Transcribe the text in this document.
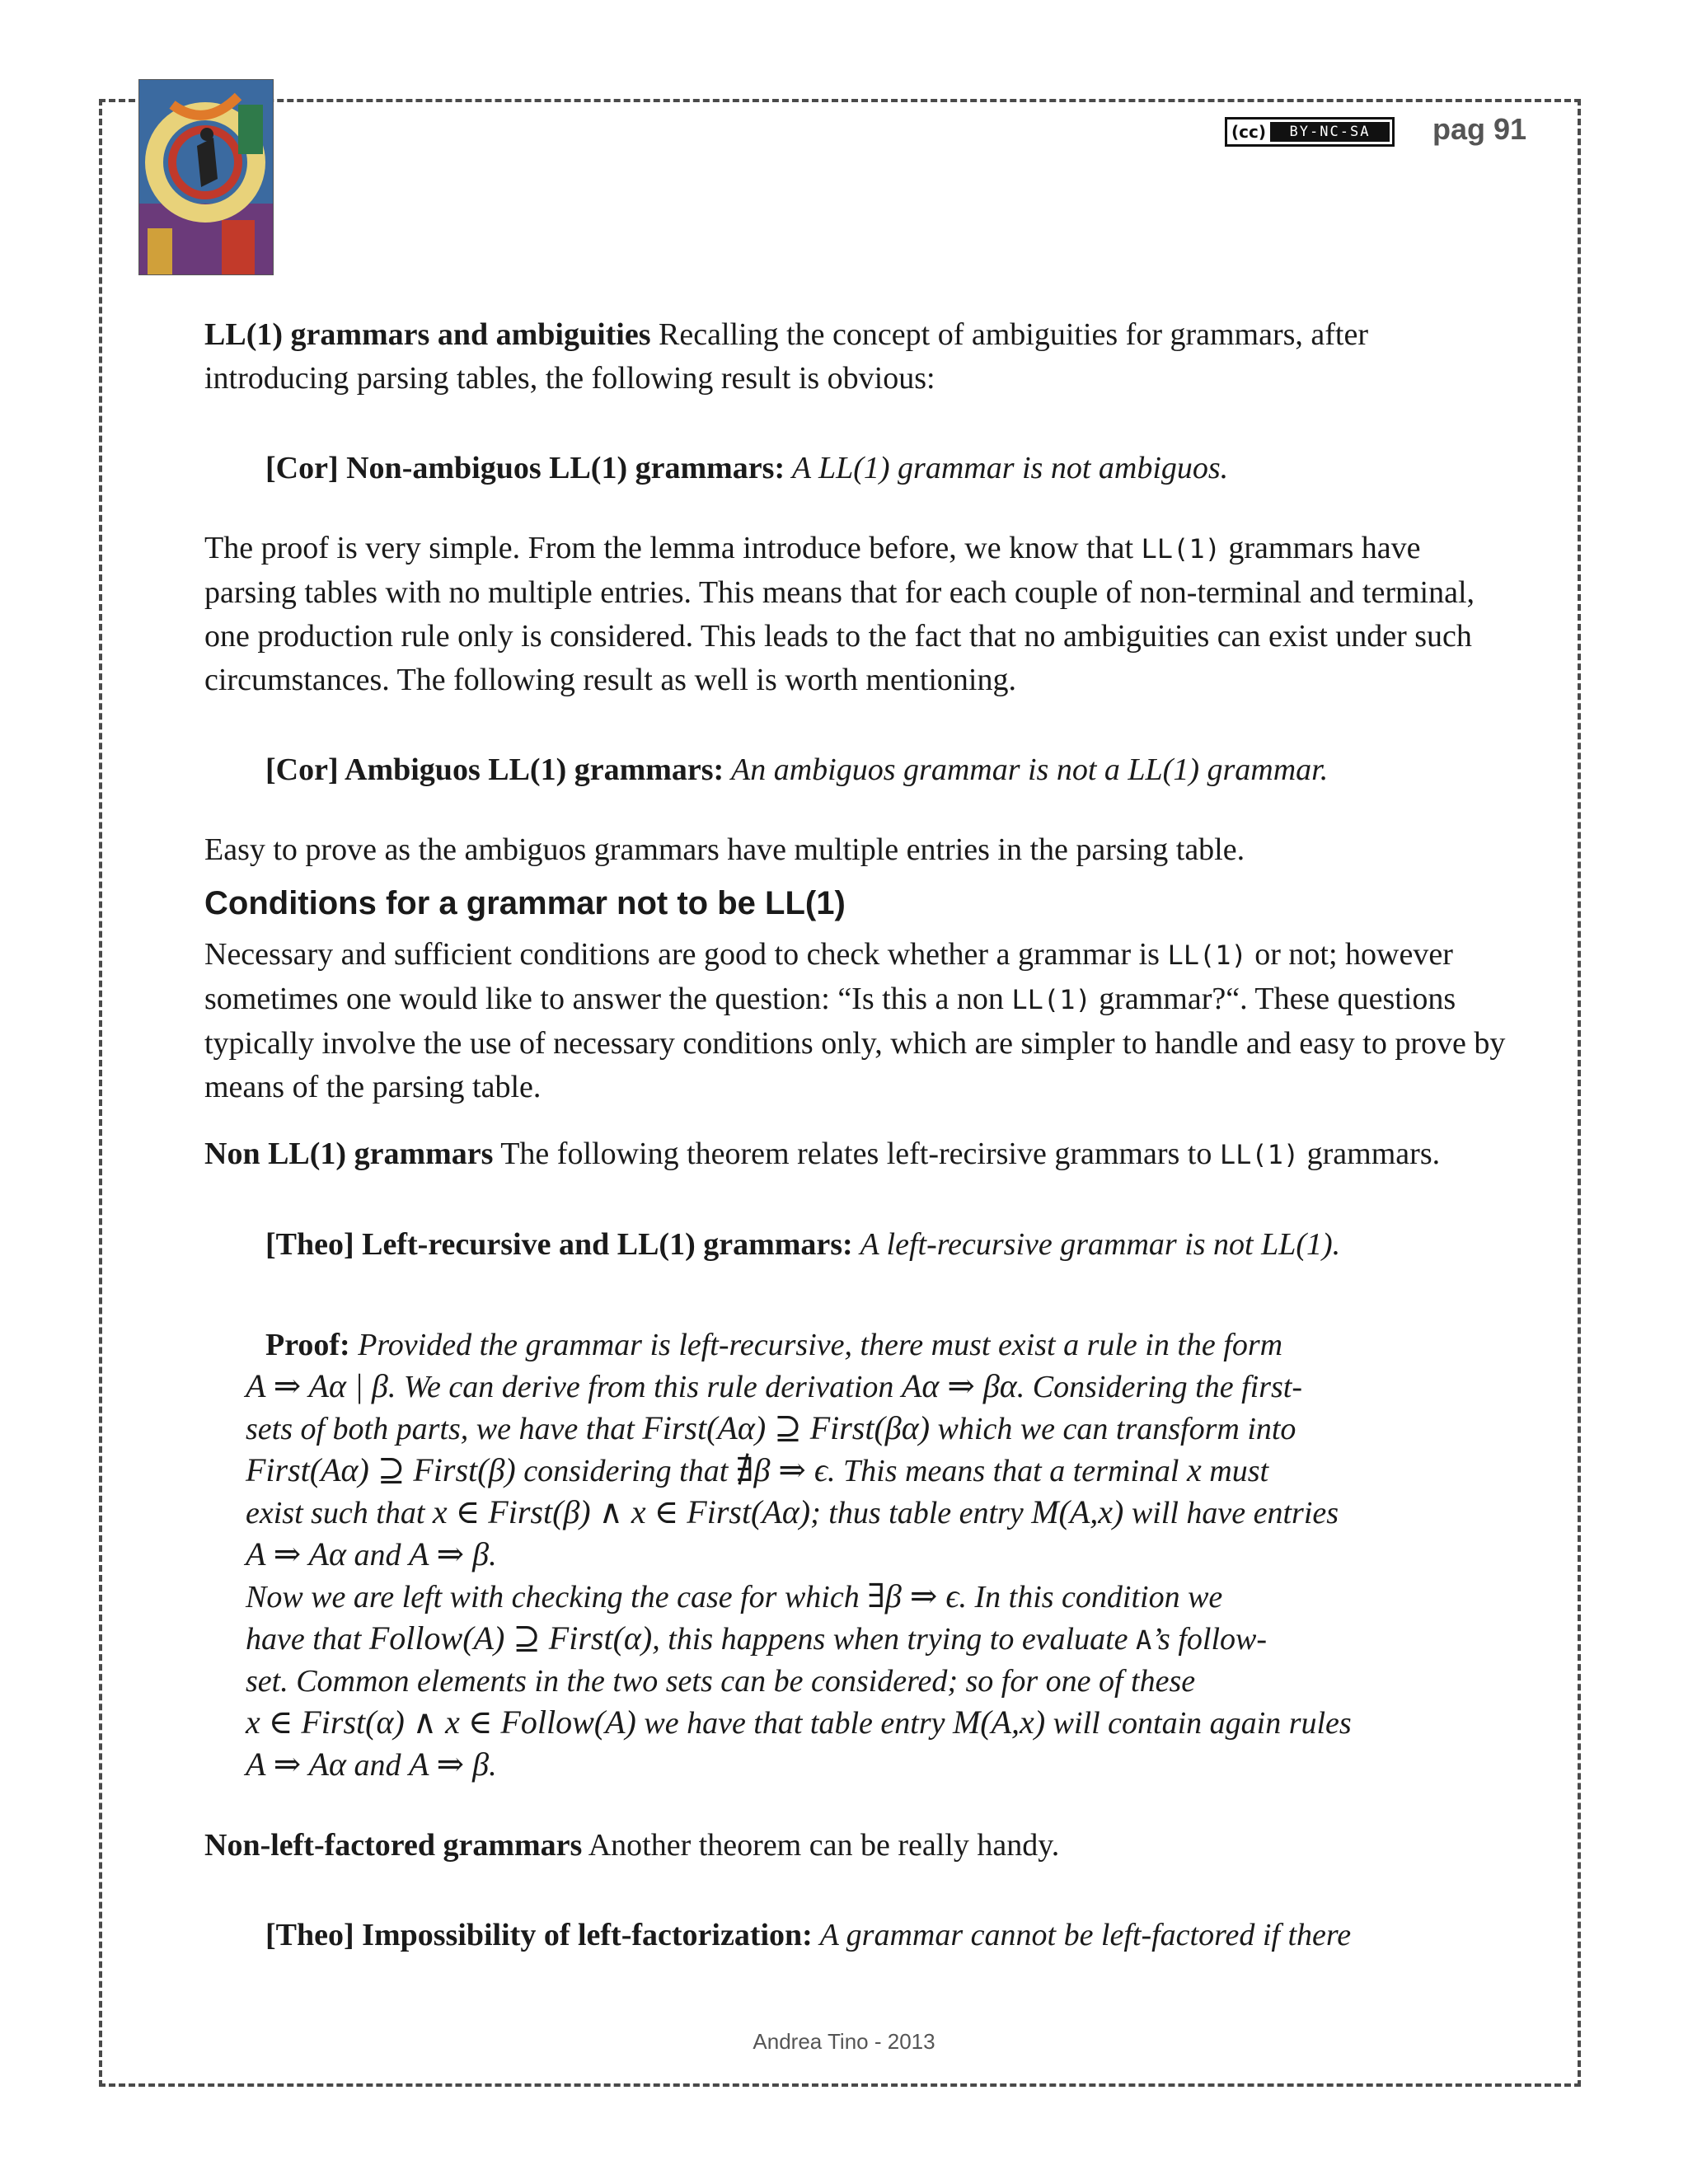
(cc)	BY-NC-SA	pag 91

LL(1) grammars and ambiguities Recalling the concept of ambiguities for grammars, after introducing parsing tables, the following result is obvious:

[Cor] Non-ambiguos LL(1) grammars: A LL(1) grammar is not ambiguos.

The proof is very simple. From the lemma introduce before, we know that LL(1) grammars have parsing tables with no multiple entries. This means that for each couple of non-terminal and terminal, one production rule only is considered. This leads to the fact that no ambiguities can exist under such circumstances. The following result as well is worth mentioning.

[Cor] Ambiguos LL(1) grammars: An ambiguos grammar is not a LL(1) grammar.

Easy to prove as the ambiguos grammars have multiple entries in the parsing table.

Conditions for a grammar not to be LL(1)

Necessary and sufficient conditions are good to check whether a grammar is LL(1) or not; however sometimes one would like to answer the question: “Is this a non LL(1) grammar?“. These questions typically involve the use of necessary conditions only, which are simpler to handle and easy to prove by means of the parsing table.

Non LL(1) grammars The following theorem relates left-recirsive grammars to LL(1) grammars.

[Theo] Left-recursive and LL(1) grammars: A left-recursive grammar is not LL(1).

Proof: Provided the grammar is left-recursive, there must exist a rule in the form
A ⇒ Aα | β. We can derive from this rule derivation Aα ⇒ βα. Considering the first-
sets of both parts, we have that First(Aα) ⊇ First(βα) which we can transform into
First(Aα) ⊇ First(β) considering that ∄β ⇒ ϵ. This means that a terminal x must
exist such that x ∈ First(β) ∧ x ∈ First(Aα); thus table entry M(A,x) will have entries
A ⇒ Aα and A ⇒ β.
Now we are left with checking the case for which ∃β ⇒ ϵ. In this condition we
have that Follow(A) ⊇ First(α), this happens when trying to evaluate A’s follow-
set. Common elements in the two sets can be considered; so for one of these
x ∈ First(α) ∧ x ∈ Follow(A) we have that table entry M(A,x) will contain again rules
A ⇒ Aα and A ⇒ β.

Non-left-factored grammars Another theorem can be really handy.

[Theo] Impossibility of left-factorization: A grammar cannot be left-factored if there

Andrea Tino - 2013
